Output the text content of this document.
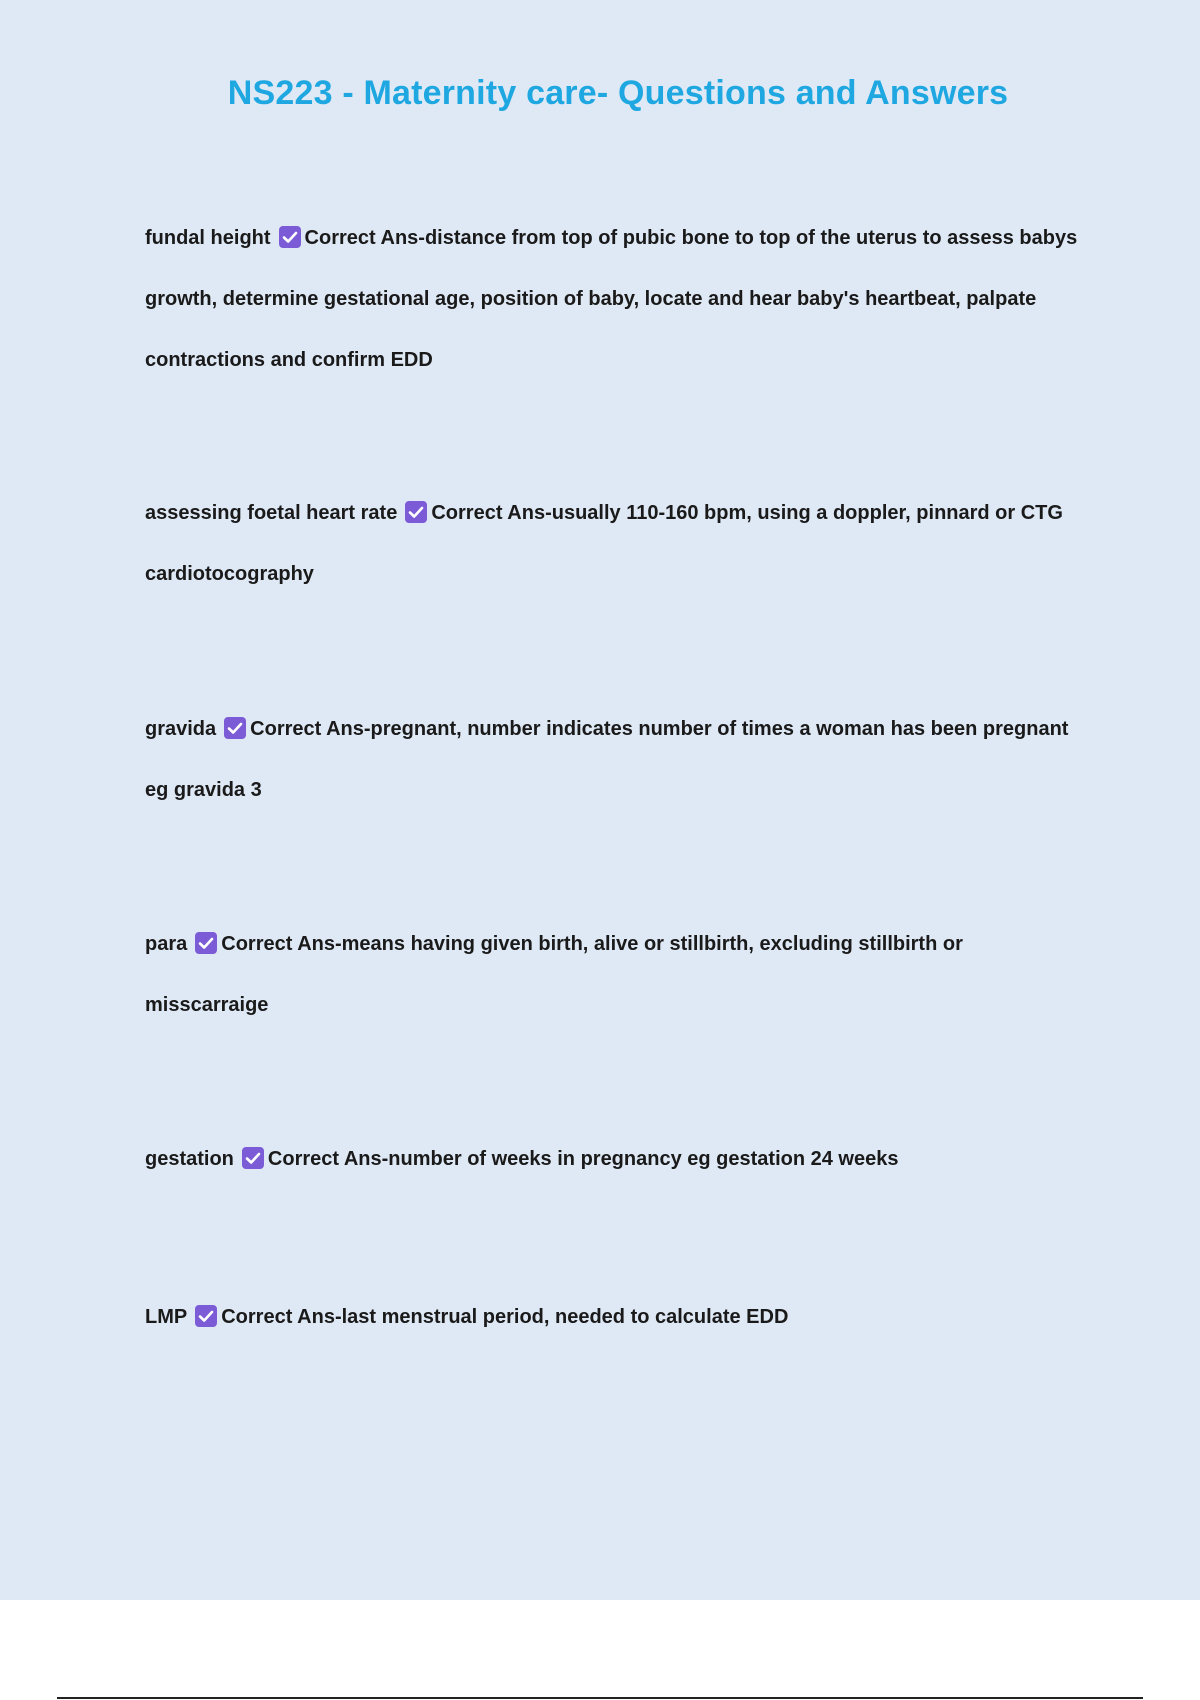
NS223 - Maternity care- Questions and Answers

fundal height Correct Ans-distance from top of pubic bone to top of the uterus to assess babys growth, determine gestational age, position of baby, locate and hear baby's heartbeat, palpate contractions and confirm EDD

assessing foetal heart rate Correct Ans-usually 110-160 bpm, using a doppler, pinnard or CTG cardiotocography

gravida Correct Ans-pregnant, number indicates number of times a woman has been pregnant eg gravida 3

para Correct Ans-means having given birth, alive or stillbirth, excluding stillbirth or misscarraige

gestation Correct Ans-number of weeks in pregnancy eg gestation 24 weeks

LMP Correct Ans-last menstrual period, needed to calculate EDD
